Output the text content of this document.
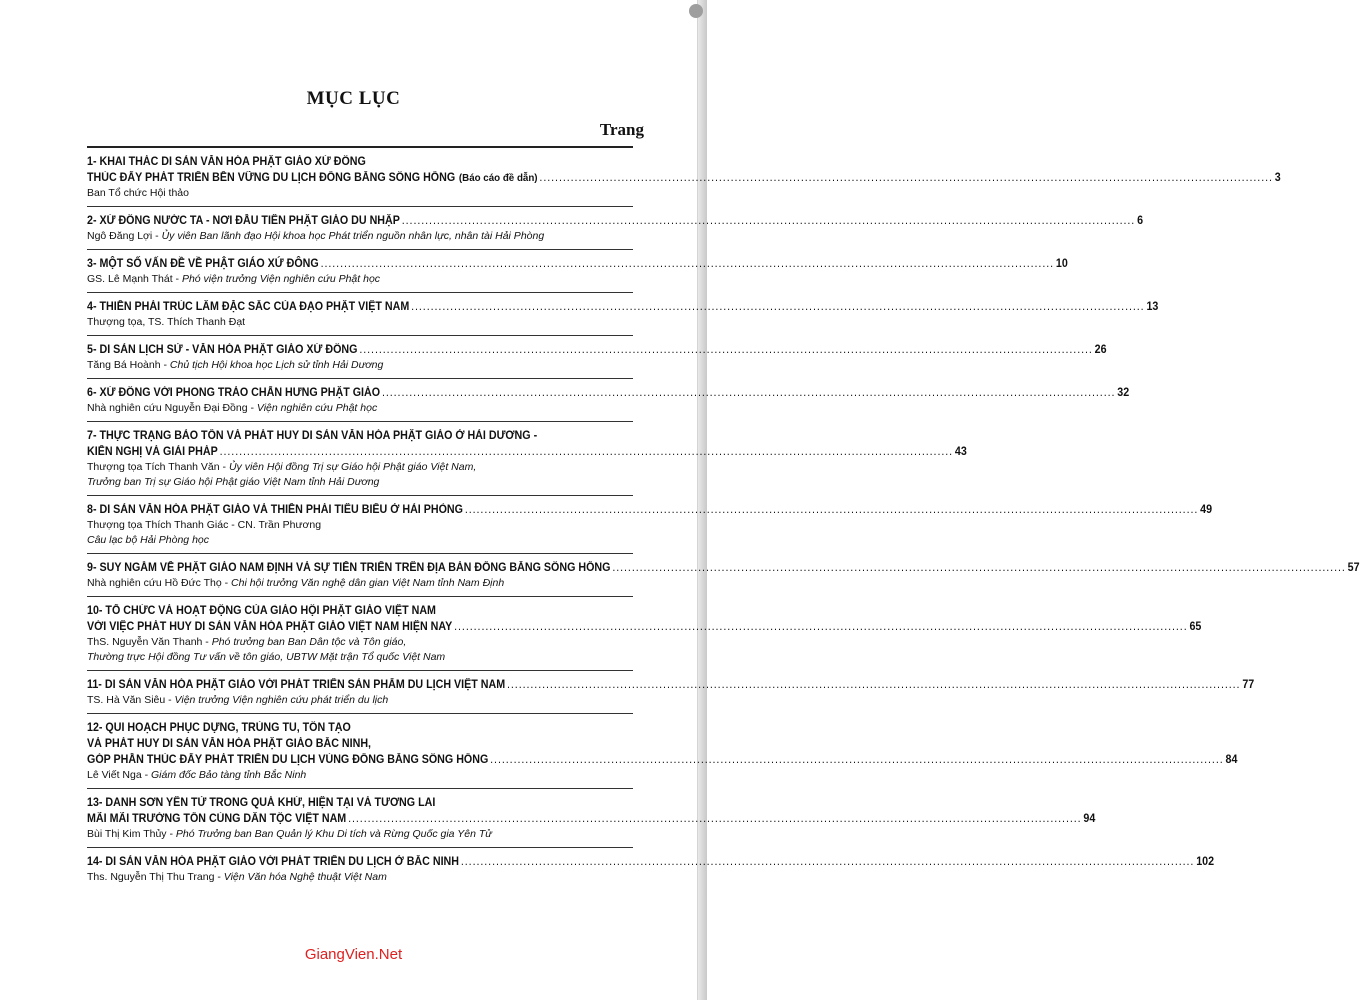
MỤC LỤC
Trang
1- KHAI THÁC DI SẢN VĂN HÓA PHẬT GIÁO XỨ ĐÔNG
THÚC ĐẨY PHÁT TRIỂN BỀN VỮNG DU LỊCH ĐỒNG BẰNG SÔNG HỒNG (Báo cáo đề dẫn) .....	3
Ban Tổ chức Hội thảo
2- XỨ ĐÔNG NƯỚC TA - NƠI ĐẦU TIÊN PHẬT GIÁO DU NHẬP .....	6
Ngô Đăng Lợi - Ủy viên Ban lãnh đạo Hội khoa học Phát triển nguồn nhân lực, nhân tài Hải Phòng
3- MỘT SỐ VẤN ĐỀ VỀ PHẬT GIÁO XỨ ĐÔNG .....	10
GS. Lê Mạnh Thát - Phó viện trưởng Viện nghiên cứu Phật học
4- THIỀN PHÁI TRÚC LÂM ĐẶC SẮC CỦA ĐẠO PHẬT VIỆT NAM .....	13
Thượng tọa, TS. Thích Thanh Đạt
5- DI SẢN LỊCH SỬ - VĂN HÓA PHẬT GIÁO XỨ ĐÔNG .....	26
Tăng Bá Hoành - Chủ tịch Hội khoa học Lịch sử tỉnh Hải Dương
6- XỨ ĐÔNG VỚI PHONG TRÀO CHẤN HƯNG PHẬT GIÁO .....	32
Nhà nghiên cứu Nguyễn Đại Đồng - Viện nghiên cứu Phật học
7- THỰC TRẠNG BẢO TỒN VÀ PHÁT HUY DI SẢN VĂN HÓA PHẬT GIÁO Ở HẢI DƯƠNG -
KIẾN NGHỊ VÀ GIẢI PHÁP .....	43
Thượng tọa Tích Thanh Văn - Ủy viên Hội đồng Trị sự Giáo hội Phật giáo Việt Nam,
Trưởng ban Trị sự Giáo hội Phật giáo Việt Nam tỉnh Hải Dương
8- DI SẢN VĂN HÓA PHẬT GIÁO VÀ THIỀN PHÁI TIÊU BIỂU Ở HẢI PHÒNG .....	49
Thượng tọa Thích Thanh Giác - CN. Trần Phương
Câu lạc bộ Hải Phòng học
9- SUY NGẪM VỀ PHẬT GIÁO NAM ĐỊNH VÀ SỰ TIẾN TRIỂN TRÊN ĐỊA BÀN ĐỒNG BẰNG SÔNG HỒNG .....	57
Nhà nghiên cứu Hồ Đức Thọ - Chi hội trưởng Văn nghệ dân gian Việt Nam tỉnh Nam Định
10- TỔ CHỨC VÀ HOẠT ĐỘNG CỦA GIÁO HỘI PHẬT GIÁO VIỆT NAM
VỚI VIỆC PHÁT HUY DI SẢN VĂN HÓA PHẬT GIÁO VIỆT NAM HIỆN NAY .....	65
ThS. Nguyễn Văn Thanh - Phó trưởng ban Ban Dân tộc và Tôn giáo,
Thường trực Hội đồng Tư vấn về tôn giáo, UBTW Mặt trận Tổ quốc Việt Nam
11- DI SẢN VĂN HÓA PHẬT GIÁO VỚI PHÁT TRIỂN SẢN PHẨM DU LỊCH VIỆT NAM .....	77
TS. Hà Văn Siêu - Viện trưởng Viện nghiên cứu phát triển du lịch
12- QUI HOẠCH PHỤC DỰNG, TRÙNG TU, TÔN TẠO
VÀ PHÁT HUY DI SẢN VĂN HÓA PHẬT GIÁO BẮC NINH,
GÓP PHẦN THÚC ĐẨY PHÁT TRIỂN DU LỊCH VÙNG ĐỒNG BẰNG SÔNG HỒNG .....	84
Lê Viết Nga - Giám đốc Bảo tàng tỉnh Bắc Ninh
13- DANH SƠN YÊN TỬ TRONG QUÁ KHỨ, HIỆN TẠI VÀ TƯƠNG LAI
MÃI MÃI TRƯỜNG TỒN CÙNG DÂN TỘC VIỆT NAM .....	94
Bùi Thị Kim Thủy - Phó Trưởng ban Ban Quản lý Khu Di tích và Rừng Quốc gia Yên Tử
14- DI SẢN VĂN HÓA PHẬT GIÁO VỚI PHÁT TRIỂN DU LỊCH Ở BẮC NINH .....	102
Ths. Nguyễn Thị Thu Trang - Viện Văn hóa Nghệ thuật Việt Nam
GiangVien.Net
